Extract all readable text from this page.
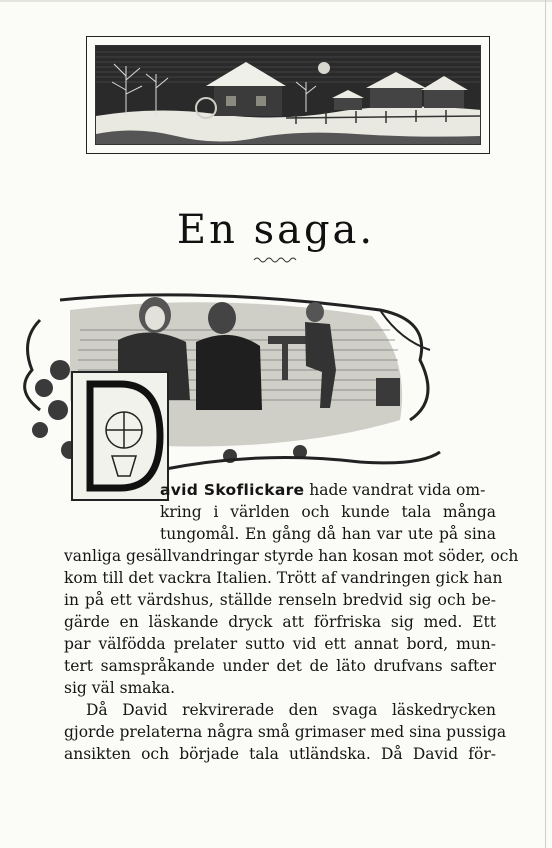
En saga.
avid Skoflickare hade vandrat vida om-
kring i världen och kunde tala många
tungomål. En gång då han var ute på sina
vanliga gesällvandringar styrde han kosan mot söder, och
kom till det vackra Italien. Trött af vandringen gick han
in på ett värdshus, ställde renseln bredvid sig och be-
gärde en läskande dryck att förfriska sig med. Ett
par välfödda prelater sutto vid ett annat bord, mun-
tert samspråkande under det de läto drufvans safter
sig väl smaka.
Då David rekvirerade den svaga läskedrycken
gjorde prelaterna några små grimaser med sina pussiga
ansikten och började tala utländska. Då David för-
